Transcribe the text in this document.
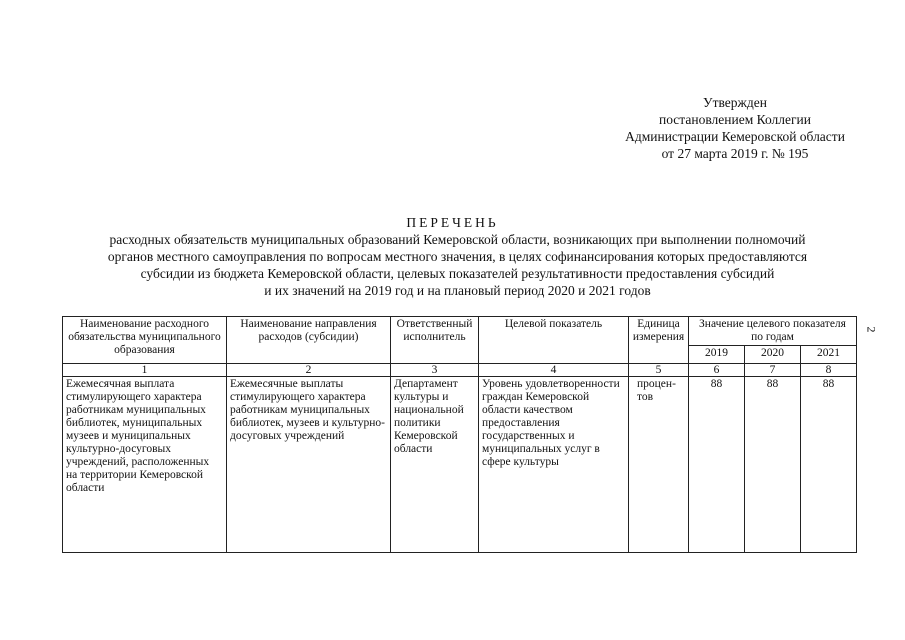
Утвержден
постановлением Коллегии
Администрации Кемеровской области
от 27 марта 2019 г. № 195
ПЕРЕЧЕНЬ
расходных обязательств муниципальных образований Кемеровской области, возникающих при выполнении полномочий
органов местного самоуправления по вопросам местного значения, в целях софинансирования которых предоставляются
субсидии из бюджета Кемеровской области, целевых показателей результативности предоставления субсидий
и их значений на 2019 год и на плановый период 2020 и 2021 годов
2
Наименование расходного обязательства муниципального образования	Наименование направления расходов (субсидии)	Ответственный исполнитель	Целевой показатель	Единица измерения	Значение целевого показателя по годам		
					2019	2020	2021
1	2	3	4	5	6	7	8
Ежемесячная выплата стимулирующего характера работникам муниципальных библиотек, муниципальных музеев и муниципальных культурно-досуговых учреждений, расположенных на территории Кемеровской области	Ежемесячные выплаты стимулирующего характера работникам муниципальных библиотек, музеев и культурно-досуговых учреждений	Департамент культуры и национальной политики Кемеровской области	Уровень удовлетворенности граждан Кемеровской области качеством предоставления государственных и муниципальных услуг в сфере культуры	процен- тов	88	88	88
